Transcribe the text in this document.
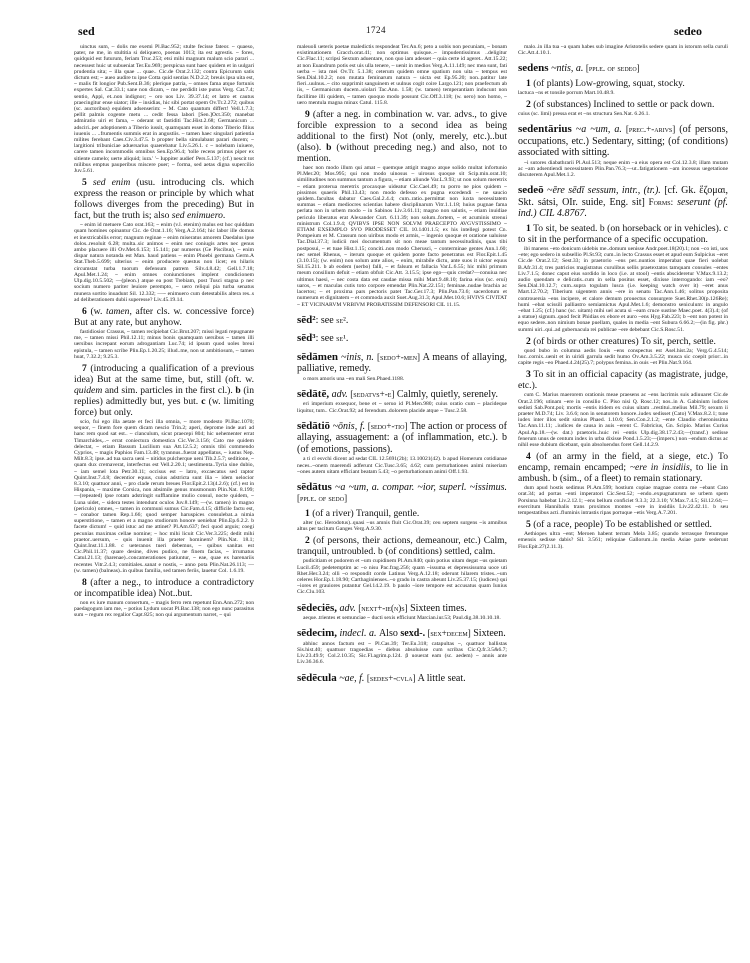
sed	1724	sedeo

uinctus sum, ~ dolis me exemi Pl.Bac.952; stulte fecisse fateor. ~ quaeso, pater, ne me, in stultitia si deliquero, poenas 1013; ita est agrestis. ~ fores, quidquid est futurum, feriam Truc.253; etsi mihi magnum malum scio parari ... necessest huic ut subueniat Ter.Eu.969; perspicua sunt haec quidem et in uulgari prudentia sita; ~ illa quae ... quae.. Cic.de Orat.2.132; contra Epicurum satis dictum est; ~ aueo audire tu ipse Cotta quid sentias N.D.2.2; breuis ipsa uita est, ~ malis fit longior Pub.Sent.B.36; plerique patria, ~ omnes fama atque fortunis expertes Sal. Cat.33.1; sane non dicam, ~ me perdidit iste putus Verg. Cat.7.4; sentio, Appi, et..non indignor; ~ oro uos Liv. 39.37.14; et latro et cautus praecingitur ense uiator; ille ~ insidias, hic sibi portat opem Ov.Tr.2.272; quibus (sc. auctoribus) equidem adsenserim: ~ M. Cato quantum differt! Vell.1.7.3; pellit palmis cogente metu ... cedit fessa labori [Sen.]Oct.350; manebat admiratio uiri et fama, ~ oderant ut fastiditi Tac.Hist.2.68; Germanicum ... adsciri..per adoptionem a Tiberio iussit, quamquam esset in domo Tiberio filius iuuenis ... ..frumentis summis erat in angustiis. ~ tamen haec singulari patientia milites ferebant Caes.Civ.3.47.5. b propter bella simulabant parari ducem; ~ largitioni tribuniciae aduersarius quaerebatur Liv.5.26.1. c ~ nolebam iuiuere, carere tamen incommodis omnibus Sen.Ep.96.4; 'tolle recens primus piper ex sitiente camelo; uerte aliquid; iura.' '~ Iuppiter audiet' Pers.5.137; (cf.) nescit tot milibus emptus pauperibus miscere puer; ~ forma, sed aetas digna supercilio Juv.5.61.

5 sed enim (usu. introducing cls. which express the reason or principle by which what follows diverges from the preceding) But in fact, but the truth is; also sed enimuero.

~ enim id metuere Cato orat.163; ~ enim (v.l. etenim) malus est hoc quiddam quam homines opinantur Cic. de Orat.1.16; Verg.A.2.164; hic labor ille domus et inextricabilis error; magnum reginae ~ enim miseratus amorem Daedalus ipse dolos..resoluit 6.28; multa..sic animos ~ enim nec coniugis artes nec genus ambo placuere illi Ov.Met.6.153; 15.141; par numerus (Ge Piscibus), ~ enim dispar natura notanda est Man. haud patiens ~ enim Phoebi germana Germ.A Stat.Theb.5.699; ulterius ~ enim producere questus non licet; en hilaris circumstat turba tuorum defensum patrem Silv.4.8.42; Gell.1.7.18; Apul.Met.1.24; ~ enim omnes coniunctiones implent condicionem Ulp.dig.10.5.502; —(pleon.) atque ea post Trebiam, post Tusci stagna p nec socium numero pariter leuiore perempto, ~ uero reliqui pia turba senatus munera sortito inuadunt Sil. 12.332; —~ enimuero cum detestabilis altera res..s ad deliberationem dubii superesse? Liv.45.19.14.

6 (w. tamen, after cls. w. concessive force) But at any rate, but anyhow.

fastidiosior Crassus, ~ tamen recipiebat Cic.Brut.207; missi legati repugnante me, ~ tamen missi Phil.12.11; minus bonis quamquam uersibus ~ tamen illi uersibus increpant eorum adrogantiam Luc.74; id ipsum quod uoles breui epistula, ~ tamen scribe Plin.Ep.1.20.25; illud..me, non ut ambitiosum, ~ tamen huat, 7.32.2; 9.25.3.

7 (introducing a qualification of a previous idea) But at the same time, but, still (oft. w. quidem and sim. particles in the first cl.). b (in replies) admittedly but, yes but. c (w. limiting force) but only.

scio, fui ego illa aetate et feci illa omnia, ~ more modesto Pl.Bac.1070; sequor, ~ finem fore quem dicam nescio Trin.2; aperi, deprome inde auri ad hanc rem quod sat est.. ~ clanculum, sicut praecepi 804; hic uehementer errat Timarchides,..~ errat coniectura domestica Cic.Ver.3.156; Cato me quidem delectat, ~ etiam Bassum Lucilium sua Att.12.5.2; omnis tibi commendo Cyprios, ~ magis Paphios Fam.13.48; tyrannus..fuerat appellatus, ~ iustus Nep. Milt.8.3; ipse..ad tua sacra ueni ~ nitidus pulcherque ueni Tib.2.5.7; seditione, ~ quam dux cremaverat, interfectus est Vell.2.20.1; uestimenta..Tyria sine dubio, ~ iam semel lota Petr.30.11; occisus est ~ latro, excaecatus sed raptor Quint.Inst.7.4.8; decentior equus, cuius adstricta sunt ilia ~ idem uelocior 8.3.10; quattuor anni, ~ pro clade rerum breues Flor.Epit.2.13(4.2.6); (cf.) est in Hispania, ~ maxime Corsica, non absimile genus musmonum Plin.Nat. 8.199; —(repeated) ipse rotam adstringit sufflamine mulio consul, nocte quidem, ~ Luna uidet, ~ sidera testes intendunt oculos Juv.8.149; —(w. tamen) in magno (periculo) omnes, ~ tamen in communi sumus Cic.Fam.4.15; difficile factu est, ~ conabor tamen Rep.1.66; quod semper haruspices consulebat..a nimia superstitione, ~ tamen et a magno studiorum honore ueniebat Plin.Ep.6.2.2. b facete dictum! ~ quid istuc ad me attinet? Pl.Am.637; feci quod arguis; coegi pecunias maximas cellae nomine; ~ hoc mihi licuit Cic.Ver.3.225; dedit mihi praetor..uersum, ~ quis inuenit illa praeter hominem? Plin.Nat. 18.1; Quint.Inst.11.1.88. c ueteranos tueri debemus, ~ quibus sanitas est Cic.Phil.11.37; quare desine, dives pudico, ne finem facias, ~ irrumatus Catul.21.13; (harenae)..concamerationes patiuntur, ~ eae, quae ex harenariis recentes Vitr.2.4.3; comitiales..sanat e nostis, ~ anno pota Plin.Nat.26.113; —(w. tamen) (balneas)..in quibus familia, sed tamen feriis, lauetur Col. 1.6.19.

8 (after a neg., to introduce a contradictory or incompatible idea) Not..but.

non ex iure manum consertum, ~ magis ferro rem repetunt Enn.Ann.272; non paedagogum iam me, ~ potius Lydum uocat Pl.Bac.138; non ego nunc parasitus sum ~ regum rex regalior Capt.825; non qui argumentum narret, ~ qui

maleuoli ueteris poetae maledictis respondeat Ter.An.6; peto a uobis non pecuniam, ~ bonam existimationem Gracch.orat.41; non optimus quisque..~ impudentissimus ..deligitur Cic.Flac.11; scripsi Sextum aduentare, non quo iam adesset ~ quia certe id ageret.. Att.15.22; at non Euandrum potis est uis ulla tenere, ~ uenit in medios Verg.A.11.149; nec mea sunt, fati uerba ~ ista mei Ov.Tr. 5.1.38; ceterum quidem omne spatium non uita ~ tempus est Sen.Dial.10.2.2; non mutata feminarum natura ~ uicta est Ep.95.20; non..patitur late fieri..uulnus..~ cito supprimit sanguinem et uulnus cogit coire Largo.121; non praefectum ab iis, ~ Germanicum ducem..uiolari Tac.Ann. 1.58; (w. tamen) temperantiam inducunt non facillime illi quidem, ~ tamen quoquo modo possunt Cic.Off.3.118; (w. uero) non homo, ~ uero mentula magna minax Catul. 115.8.

9 (after a neg. in combination w. var. advs., to give forcible expression to a second idea as being additional to the first) Not (only, merely, etc.)..but (also). b (without preceding neg.) and also, not to mention.

haec non modo illum qui amat ~ quemque attigit magno atque solido multat infortunio Pl.Mer.20; Mos.995; qui non modo uinosus ~ uirosus quoque sit Scip.min.orat.10; similitudines non summus tantum a figura, ~ etiam aliunde Var.L.9.93; ut non solum meretrix ~ etiam proterua meretrix procaxque uideatur Cic.Cael.49; tu porro ne pios quidem ~ pissimos quaeris Phil.13.43; non modo defesso ex pugna excedendi ~ ne saucio quidem..facultas dabatur Caes.Gal.2.4.4; cum..ratio..permittat non iuxta necessitatem summas ~ etiam mediocres scientias habere disciplinarum Vitr.1.1.18; huius pugnae fama perlata non in urbem modo ~ in Sabinos Liv.3.61.11; magno non salutis, ~ etiam inuidiae periculo liberatus erat Alexander Curt. 6.11.39; non solum..fortem, ~ et acuminis strenui ministrum Col.1.9.4; QVIBVS IPSE NON SOLVM PRAECEPTO AVGVSTISSIMO ~ ETIAM EXSEMPLO SVO PRODESSET CIL 10.1401.1.5; ex his intellegi potest Cn. Pompeium et M. Crassum non uiribus modo et armis, ~ ingenio quoque et oratione ualuisse Tac.Dial.37.3; iudicii mei documentum sit non meae tantum necessitudinis, quas tibi postposui, ~ et tuae Hist.1.15; conciti..non modo Cherusci, ~ conterminae gentes Ann.1.60; nec semel Rhenus, ~ iterum quoque et quidem ponte facto penetratus est Flor.Epit.1.45 (3.10.15); (w. enim) non solum ante alios, ~ enim, mirabile dictu, ante suos it uictor equus Sil.15.211. b ab eodem (uerbo) falli, ~ et falsum et fallacia Var.L.6.55; hic mihi primum meum consilium defuit ~ etiam obfuit Cic.Att. 3.15.5; ipse ego—quis credat?—conuiua nec ultimus haesi, ~ nec costa data est caudae missa mihi Mart.9.48.10; farina eius (sc. erui) uaros, ~ et maculas cutis toto corpore emendat Plin.Nat.22.151; feminae..nudae brachia ac lacertos; ~ et proxima pars pectoris patet Tac.Ger.17.3; Plin.Pan.73.6; sacerdotum et numerum et dignitatem ~ et commoda auxit Suet.Aug.31.3; Apul.Met.10.6; HVIVS CIVITAT ~ ET VICINARVM VRBIVM PROBATISSIM DEFENSORI CIL 11.15.

sēd²: see se².

sēd³: see se¹.

sēdāmen ~inis, n. [sedo+-men] A means of allaying, palliative, remedy.

o mors amoris una ~en mali Sen.Phaed.1188.

sēdātē, adv. [sedatvs+-e] Calmly, quietly, serenely.

eri imperium exsequor, bene et ~ seruo id Pl.Men.980; cuius oratio cum ~ placideque liquitur, tum.. Cic.Orat.92; ad ferendum..dolorem placide atque ~ Tusc.2.58.

sēdātiō ~ōnis, f. [sedo+-tio] The action or process of allaying, assuagement: a (of inflammation, etc.). b (of emotions, passions).

a ti cl esvchi dicent ad sedat CIL 12.5691(2b); 13.10021(42). b apud Homerum cotidianae neces..~onem maerendi adferunt Cic.Tusc.3.65; 4.62; cum perturbationes animi miseriam ~ones autem uitam efficiant beatam 5.43; ~o perturbationum animi Off.1.93.

sēdātus ~a ~um, a. compar. ~ior, superl. ~issimus. [pple. of sedo]

1 (of a river) Tranquil, gentle.

alter (sc. Herodotus)..quasi ~us amnis fluit Cic.Orat.39; ceu septem surgens ~is amnibus altus per tacitum Ganges Verg.A.9.30.

2 (of persons, their actions, demeanour, etc.) Calm, tranquil, untroubled. b (of conditions) settled, calm.

pudicitiam et pudorem et ~um cupidinem Pl.Am.840; quin potius uitam degat ~us quietam Lucil.459; pedetemptim ac ~o nisu Pac.frag.256; quam ~issuma et depressissuma uoce uti Rhet.Her.3.24; olli ~o respondit corde Latinus Verg.A.12.18; oderunt hilarem tristes..~um celeres Hor.Ep.1.18.90; Carthaginienses..~o gradu in castra abeunt Liv.25.37.15; (iudices) qui ~iores et grauiores putantur Gel.14.2.19. b paulo ~iore tempore est accusatus quam Iunius Cic.Clu.103.

sēdeciēs, adv. [next+-ie(n)s] Sixteen times.

aeque..trientes et semunciae ~ ducti sexis efficiunt Marcian.iur.53; Paul.dig.38.10.10.18.

sēdecim, indecl. a. Also sexd-. [sex+decem] Sixteen.

abhinc annos factum est ~ Pl.Cas.39; Ter.Eu.318; catapultas ~, quattuor ballistas Sis.hist.40; quattuor tragoedias ~ diebus absoluisse cum scribas Cic.Q.fr.3.5&6.7; Liv.23.49.9; Col.2.10.35; Sic.Fl.agrim.p.124. β uouerat eam (sc. aedem) ~ annis ante Liv.36.36.6.

sēdēcula ~ae, f. [sedes+-cvla] A little seat.

malo..in illa tua ~a quam habes sub imagine Aristotelis sedere quam in istorum sella curuli Cic.Att.4.10.1.

sedens ~ntis, a. [pple. of sedeo]

1 (of plants) Low-growing, squat, stocky.

lactuca ~ns et tonsile porrum Mart.10.48.9.

2 (of substances) Inclined to settle or pack down.

cuius (sc. limi) pressa erat et ~ns structura Sen.Nat. 6.26.1.

sedentārius ~a ~um, a. [prec.+-arivs] (of persons, occupations, etc.) Sedentary, sitting; (of conditions) associated with sitting.

~i sutores diabathrarii Pl.Aul.513; neque enim ~a eius opera est Col.12.3.8; illam mutam ac ~am adsentiendi necessitatem Plin.Pan.76.3;—ut..fatigationem ~am incessus uegetatione discuterem Apul.Met.1.2.

sedeō ~ēre sēdī sessum, intr., (tr.). [cf. Gk. ἕζομαι, Skt. sátsi, OIr. suide, Eng. sit] Forms: seserunt (pf. ind.) CIL 4.8767.

1 To sit, be seated. b (on horseback or in vehicles). c to sit in the performance of a specific occupation.

ibi manens ~eto donicum uidebis me..domum uenisse Andr.poet.18(20).1; non ~co isti, uos ~ete; ego sedero in subsellio Pl.St.93; cum..in lecto Crassus esset et apud eum Sulpicius ~eret Cic.de Orat.2.12; Sest.33; in praetorio ~ens per..nuntios imperabat quae fieri uolebat B.Afr.31.4; tres patricios magistratus curulibus sellis praetextatos tamquam consules ~entes Liv.7.1.5; donec caput eius sordido in loco (i.e. at stool) ~entis abscideretur V.Max.9.13.2; audio quendam e delicatis..cum in sella positus esset, dixisse interrogando: iam ~eo? Sen.Dial.10.12.7; cum..supra togulam lusca (i.e. keeping watch over it) ~eret anus Mart.12.70.2; Tiberium uigentem annis ~ere in senatu Tac.Ann.1.46; solitus proposita controuersia ~ens incipere, et calore demum prouectus consurgere Suet.Rhet.30(p.126Re); humi ~ebat scissili palliastro semiamictus Apul.Met.1.6; demonstro seniculum: in angulo ~ebat 1.25; (cf.) hanc (sc. uitam) mihi uel acuta si ~eam cruce sustine Maec.poet. 4(3).4; (of a statue) signum..quod fecit Phidias ex ebore et auro ~ens Hyg.Fab.223; b ~ent non potest in equo sedere..non nimium bonae puellam, quales in media ~ent Subura 6.66.2;—(in fig. phr.) summi uiri..qui..ad gubernacula rei publicae ~ere debebant Cic.S.Rosc.51.

2 (of birds or other creatures) To sit, perch, settle.

quod bubo in columna aedis Iouis ~ens conspectus est Asel.hist.2a; Verg.G.4.514; huc..cornix..uenit et in uiridi garrula sedit humo Ov.Am.3.5.22; musca sic coepit prior:..in capite regis ~eo Phaed.4.24(25).7; polypus femina..in ouis ~et Plin.Nat.9.164.

3 To sit in an official capacity (as magistrate, judge, etc.).

cum C. Marius maerorem orationis meae praesens ac ~ens lacrimis suis adiuuaret Cic.de Orat.2.196; utinam ~ere in consilio C. Piso nisi Q. Rosc.12; nos..in A. Gabinium iudices sedisti Sab.Pont.poi; mortis ~entis itidem ex cuius uitam ..restitui..melius Mil.79; sexum ii praeter M.D.74; Liv. 3.6.6; non in senatorem honore..iudex sedisset (Cato) V.Max.8.2.1; tune iudex inter illos sedit simius Phaed. 1.10.6; Sen.Con.2.1.2; ~ente Claudio cheronissima Tac.Ann.11.11; ..iudices de causa in auis ~erent C. Fabricius, Gn. Scipio. Marius Curius Apul.Ap.18.—(w. dat.) praetoris..huic rei ~entis Ulp.dig.38.17.2.43;—(transf.) sedisse fenerum unus de centum index in urba dixisse Pond.1.5.23;—(impers.) non ~endum dictus ac nihil esse dubium dicebant, quin absoluendus foret Gell.14.2.9.

4 (of an army in the field, at a siege, etc.) To encamp, remain encamped; ~ere in insidiis, to lie in ambush. b (sim., of a fleet) to remain stationary.

dum apud hostis sedimus Pl.Am.599; hostium copiae magnae contra me ~ebant Cato orat.34; ad portas ~enti imperatori Cic.Sest.52; ~endo..expugnaturum se urbem spem Porsinna habebat Liv.2.12.1; ~ens bellum conficiet 9.3.3; 22.3.10; V.Max.7.4.5; Sil.12.64;—exercitum Hannibalis trans proximos montes ~ere in insidiis Liv.22.42.11. b seu tempestatibus acti..fluminis intrastis ripas portuque ~etis Verg.A.7.201.

5 (of a race, people) To be established or settled.

Aethiopes ultra ~ent; Meroen habent terram Mela 3.85; quando terrasque fretumque emensis sedisse dabis? Sil. 3.561; reliquiae Gallorum..in media Asiae parte sederunt Flor.Epit.27(2.11.3).
